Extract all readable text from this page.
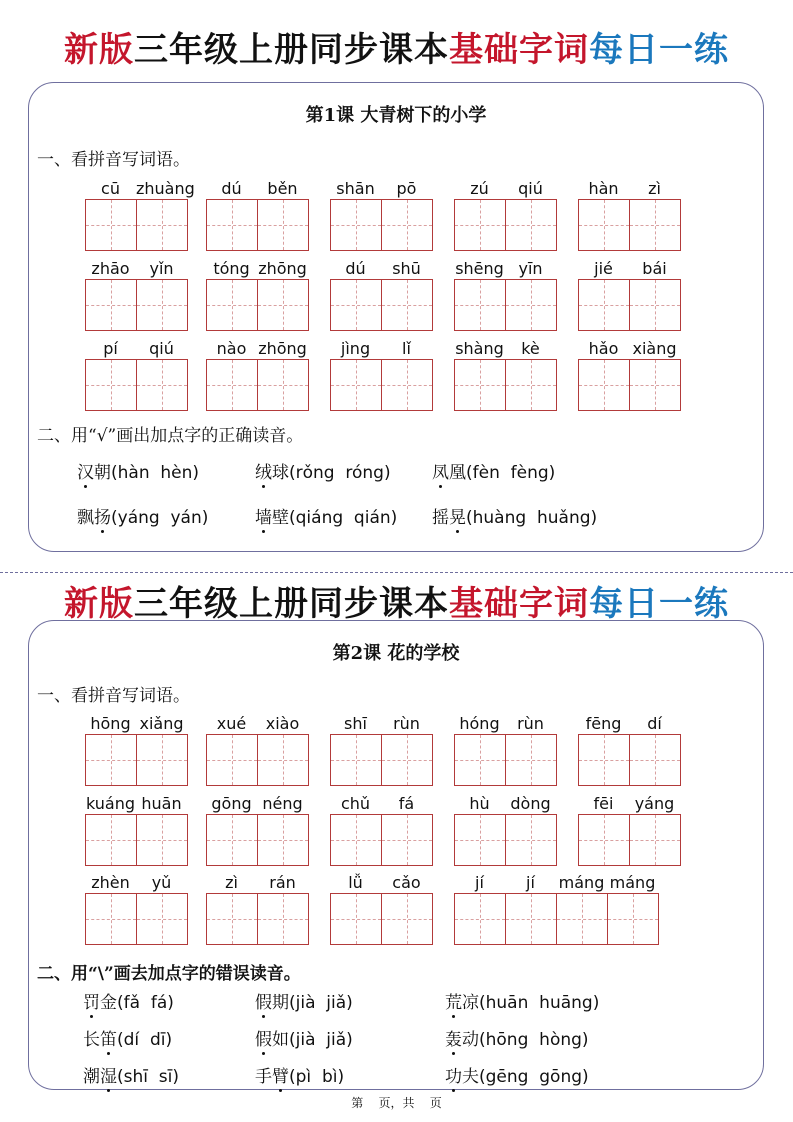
新版三年级上册同步课本基础字词每日一练
第1课 大青树下的小学
一、看拼音写词语。
二、用“√”画出加点字的正确读音。
cū	zhuàng	dú	běn	shān	pō	zú	qiú	hàn	zì
zhāo	yǐn	tóng zhōng	dú	shū	shēng yīn	jié	bái
pí	qiú	nào zhōng	jìng	lǐ	shàng	kè	hǎo xiàng
汉朝(hàn  hèn)	绒球(rǒng  róng) 凤凰(fèn  fèng)
飘扬(yáng  yán)	墙壁(qiáng  qián) 摇晃(huàng  huǎng)
新版三年级上册同步课本基础字词每日一练
第2课 花的学校
一、看拼音写词语。
二、用“\”画去加点字的错误读音。
hōng xiǎng	xué	xiào	shī	rùn	hóng	rùn	fēng	dí
kuáng huān	gōng néng	chǔ	fá	hù	dòng	fēi	yáng
zhèn	yǔ	zì	rán	lǚ	cǎo	jí	jí	máng máng
罚金(fǎ  fá)	假期(jià  jiǎ)	荒凉(huān  huāng)
长笛(dí  dī)	假如(jià  jiǎ)	轰动(hōng  hòng)
潮湿(shī  sī)	手臂(pì  bì)	功夫(gēng  gōng)
第    页，共    页
